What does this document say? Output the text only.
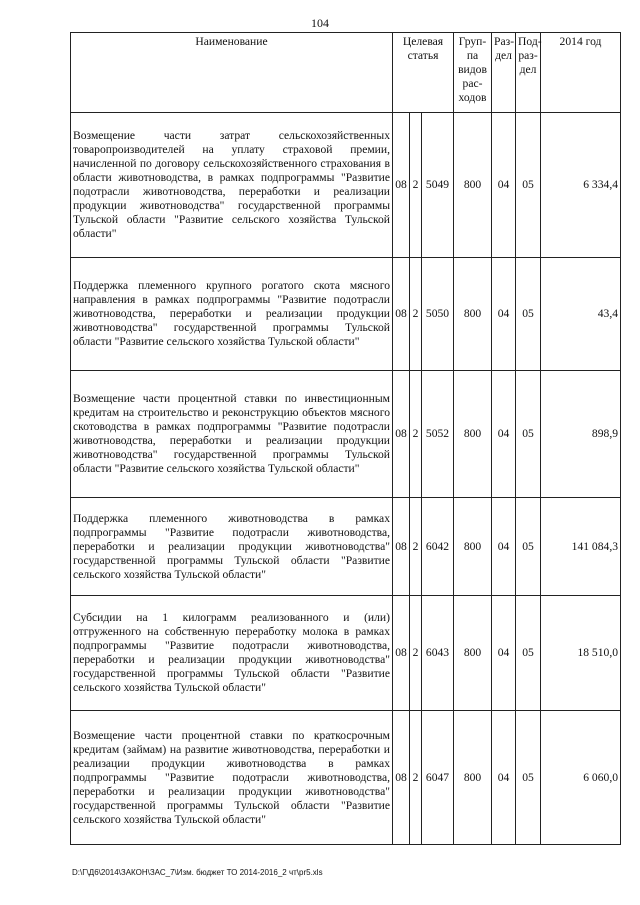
104
Наименование	Целевая статья			Груп-па видов рас-ходов	Раз-дел	Под-раз-дел	2014 год
Возмещение части затрат сельскохозяйственных товаропроизводителей на уплату страховой премии, начисленной по договору сельскохозяйственного страхования в области животноводства, в рамках подпрограммы "Развитие подотрасли животноводства, переработки и реализации продукции животноводства" государственной программы Тульской области "Развитие сельского хозяйства Тульской области"	08	2	5049	800	04	05	6 334,4
Поддержка племенного крупного рогатого скота мясного направления в рамках подпрограммы "Развитие подотрасли животноводства, переработки и реализации продукции животноводства" государственной программы Тульской области "Развитие сельского хозяйства Тульской области"	08	2	5050	800	04	05	43,4
Возмещение части процентной ставки по инвестиционным кредитам на строительство и реконструкцию объектов мясного скотоводства в рамках подпрограммы "Развитие подотрасли животноводства, переработки и реализации продукции животноводства" государственной программы Тульской области "Развитие сельского хозяйства Тульской области"	08	2	5052	800	04	05	898,9
Поддержка племенного животноводства в рамках подпрограммы "Развитие подотрасли животноводства, переработки и реализации продукции животноводства" государственной программы Тульской области "Развитие сельского хозяйства Тульской области"	08	2	6042	800	04	05	141 084,3
Субсидии на 1 килограмм реализованного и (или) отгруженного на собственную переработку молока в рамках подпрограммы "Развитие подотрасли животноводства, переработки и реализации продукции животноводства" государственной программы Тульской области "Развитие сельского хозяйства Тульской области"	08	2	6043	800	04	05	18 510,0
Возмещение части процентной ставки по краткосрочным кредитам (займам) на развитие животноводства, переработки и реализации продукции животноводства в рамках подпрограммы "Развитие подотрасли животноводства, переработки и реализации продукции животноводства" государственной программы Тульской области "Развитие сельского хозяйства Тульской области"	08	2	6047	800	04	05	6 060,0
D:\Г\Д6\2014\ЗАКОН\ЗАС_7\Изм. бюджет ТО 2014-2016_2 чт\pr5.xls
